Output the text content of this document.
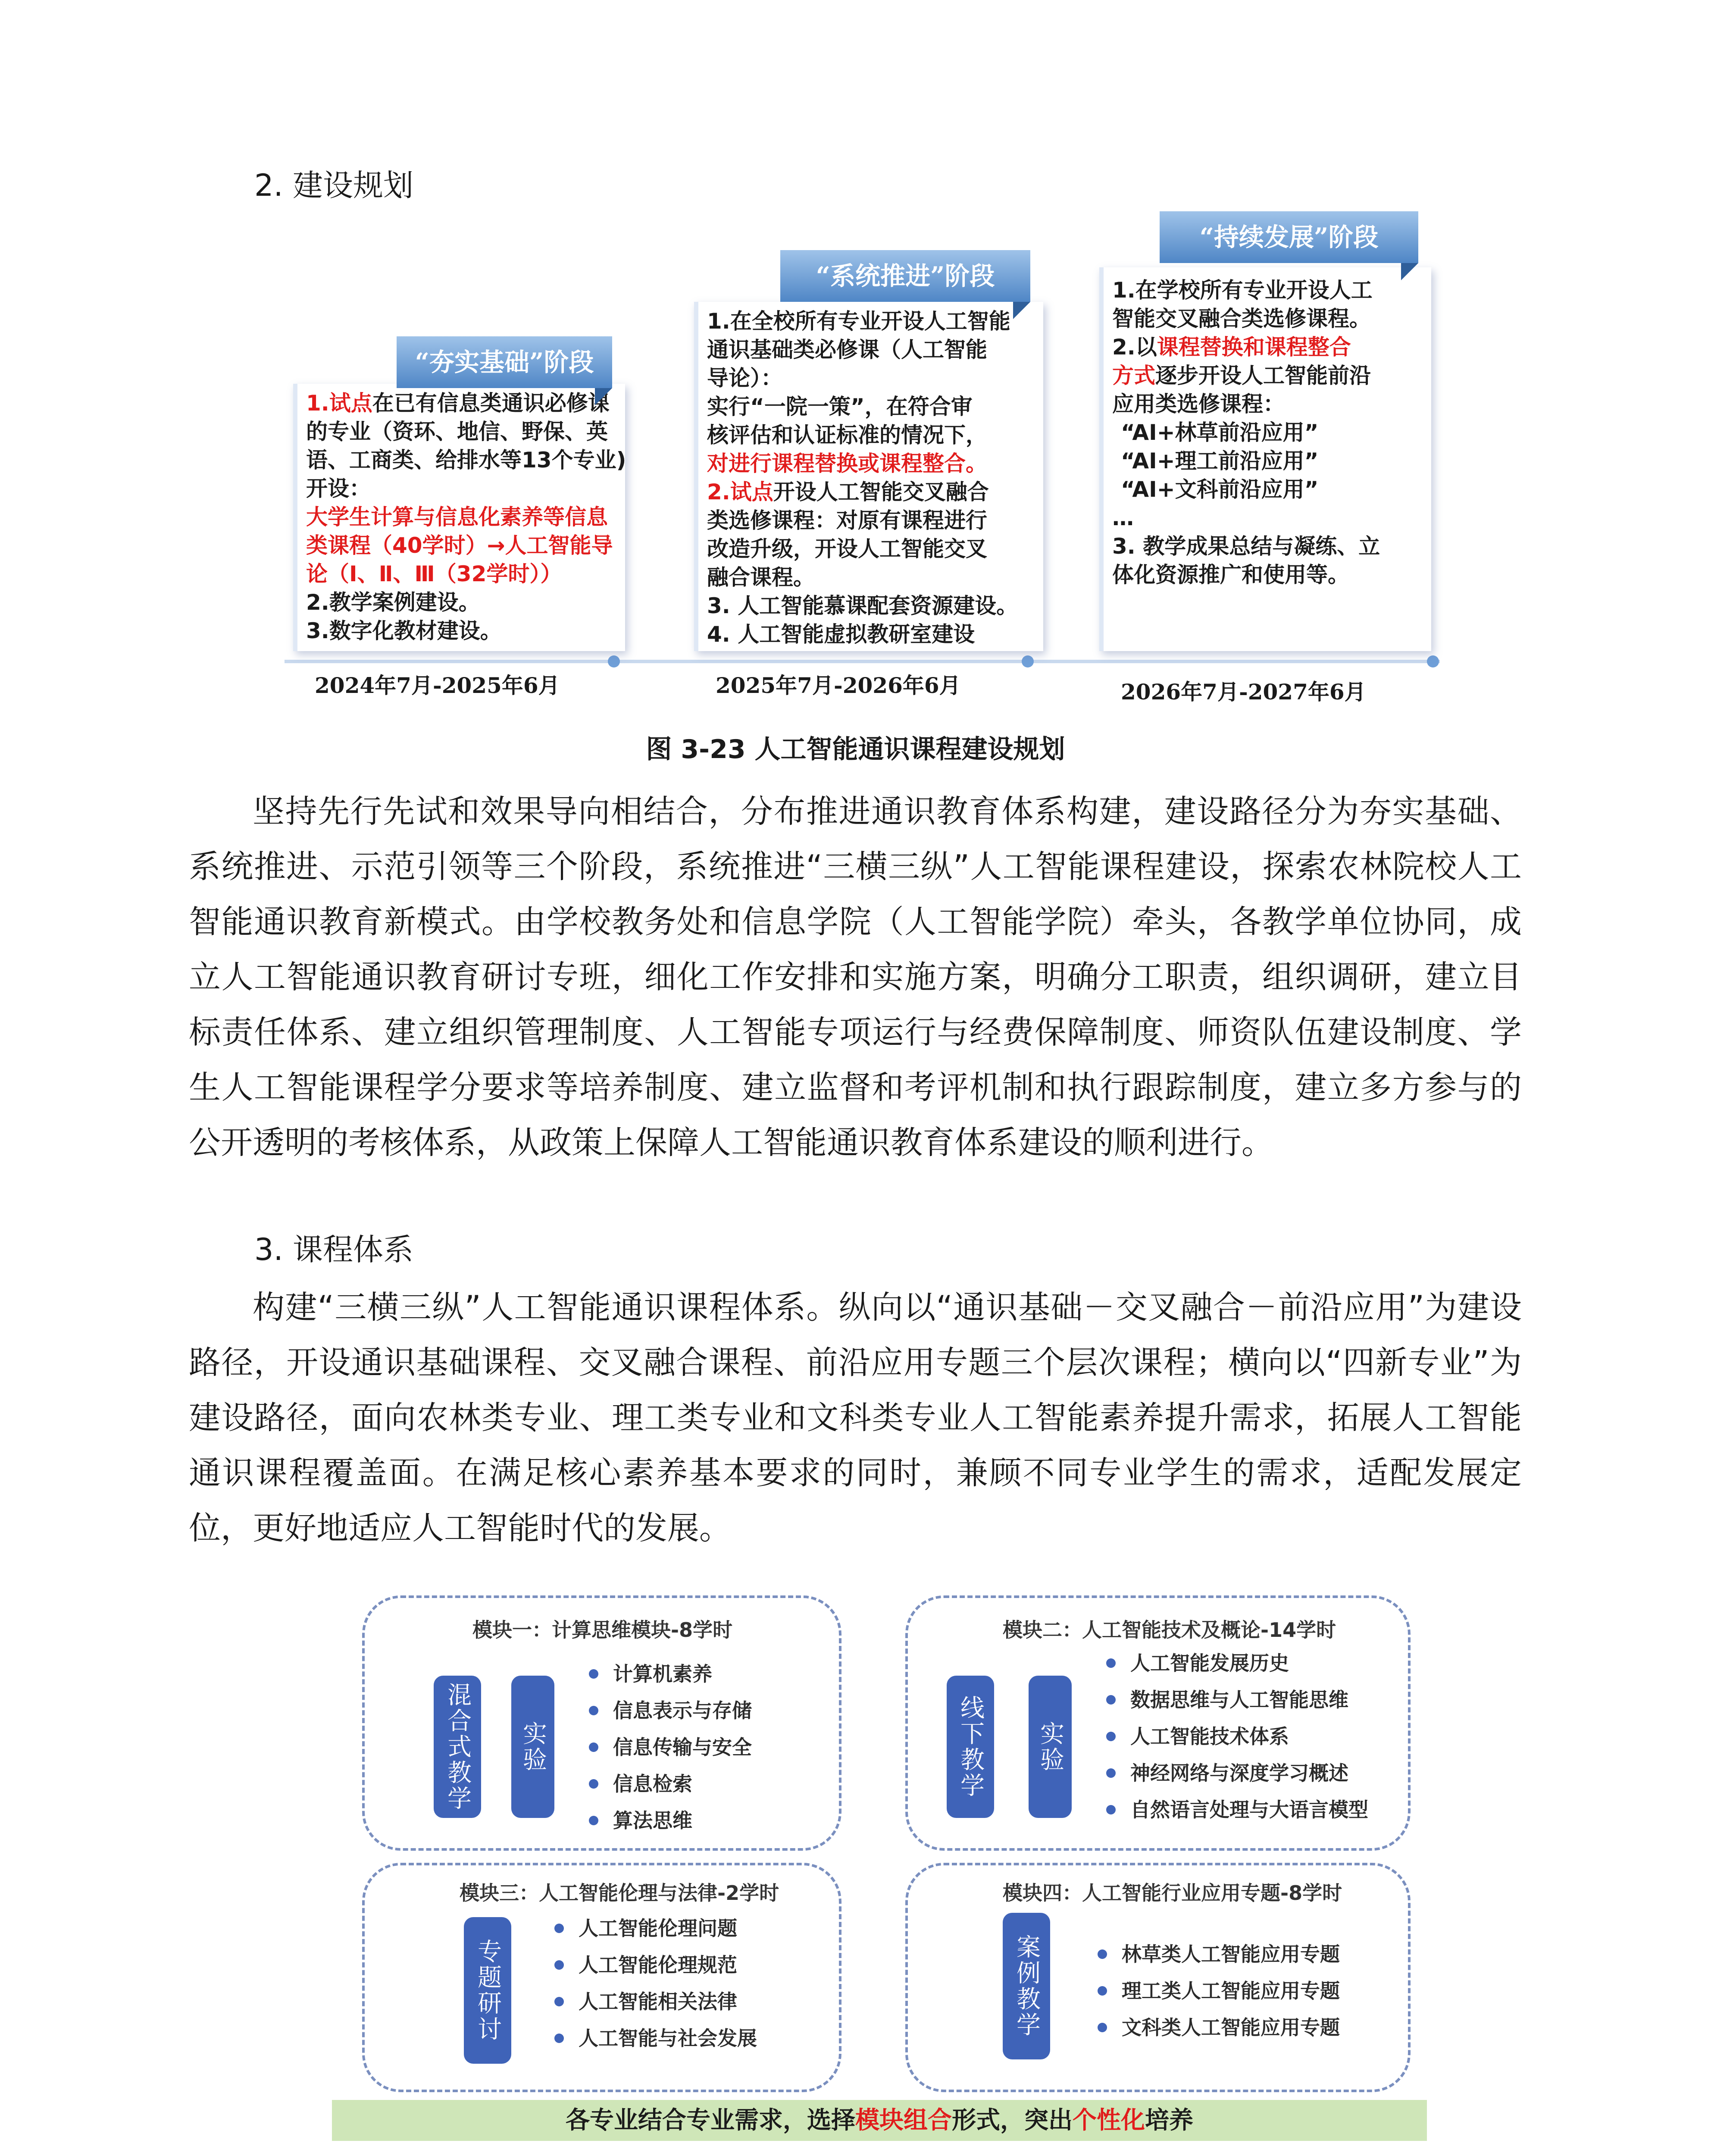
2. 建设规划
1.试点在已有信息类通识必修课
的专业（资环、地信、野保、英
语、工商类、给排水等13个专业)
开设：
大学生计算与信息化素养等信息
类课程（40学时）→人工智能导
论（Ⅰ、Ⅱ、Ⅲ（32学时））
2.教学案例建设。
3.数字化教材建设。
“夯实基础”阶段
2024年7月-2025年6月
1.在全校所有专业开设人工智能
通识基础类必修课（人工智能
导论）：
实行“一院一策”，在符合审
核评估和认证标准的情况下，
对进行课程替换或课程整合。
2.试点开设人工智能交叉融合
类选修课程：对原有课程进行
改造升级，开设人工智能交叉
融合课程。
3. 人工智能慕课配套资源建设。
4. 人工智能虚拟教研室建设
“系统推进”阶段
2025年7月-2026年6月
1.在学校所有专业开设人工
智能交叉融合类选修课程。
2.以课程替换和课程整合
方式逐步开设人工智能前沿
应用类选修课程：
“AI+林草前沿应用”
“AI+理工前沿应用”
“AI+文科前沿应用”
…
3. 教学成果总结与凝练、立
体化资源推广和使用等。
“持续发展”阶段
2026年7月-2027年6月
图 3-23 人工智能通识课程建设规划

坚持先行先试和效果导向相结合，分布推进通识教育体系构建，建设路径分为夯实基础、系统推进、示范引领等三个阶段，系统推进“三横三纵”人工智能课程建设，探索农林院校人工智能通识教育新模式。由学校教务处和信息学院（人工智能学院）牵头，各教学单位协同，成立人工智能通识教育研讨专班，细化工作安排和实施方案，明确分工职责，组织调研，建立目标责任体系、建立组织管理制度、人工智能专项运行与经费保障制度、师资队伍建设制度、学生人工智能课程学分要求等培养制度、建立监督和考评机制和执行跟踪制度，建立多方参与的公开透明的考核体系，从政策上保障人工智能通识教育体系建设的顺利进行。

3. 课程体系

构建“三横三纵”人工智能通识课程体系。纵向以“通识基础－交叉融合－前沿应用”为建设路径，开设通识基础课程、交叉融合课程、前沿应用专题三个层次课程；横向以“四新专业”为建设路径，面向农林类专业、理工类专业和文科类专业人工智能素养提升需求，拓展人工智能通识课程覆盖面。在满足核心素养基本要求的同时，兼顾不同专业学生的需求，适配发展定位，更好地适应人工智能时代的发展。

模块一：计算思维模块-8学时
混合式教学 实验
计算机素养
信息表示与存储
信息传输与安全
信息检索
算法思维
模块二：人工智能技术及概论-14学时
线下教学 实验
人工智能发展历史
数据思维与人工智能思维
人工智能技术体系
神经网络与深度学习概述
自然语言处理与大语言模型
模块三：人工智能伦理与法律-2学时
专题研讨
人工智能伦理问题
人工智能伦理规范
人工智能相关法律
人工智能与社会发展
模块四：人工智能行业应用专题-8学时
案例教学	林草类人工智能应用专题
理工类人工智能应用专题
文科类人工智能应用专题
各专业结合专业需求，选择模块组合形式，突出个性化培养
